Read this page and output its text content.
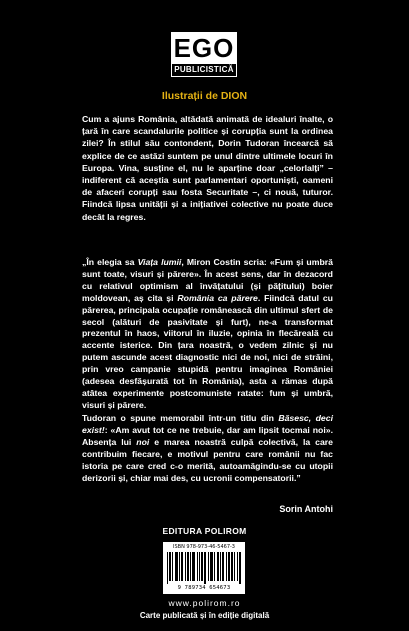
EGO
PUBLICISTICĂ
Ilustrații de DION

Cum a ajuns România, altădată animată de idealuri înalte, o țară în care scandalurile politice și corupția sunt la ordinea zilei? În stilul său contondent, Dorin Tudoran încearcă să explice de ce astăzi suntem pe unul dintre ultimele locuri în Europa. Vina, susține el, nu le aparține doar „celorlalți” – indiferent că aceștia sunt parlamentari oportuniști, oameni de afaceri corupți sau fosta Securitate –, ci nouă, tuturor. Fiindcă lipsa unității și a inițiativei colective nu poate duce decât la regres.

„În elegia sa Viața lumii, Miron Costin scria: «Fum și umbră sunt toate, visuri și părere». În acest sens, dar în dezacord cu relativul optimism al învățatului (și pățitului) boier moldovean, aș cita și România ca părere. Fiindcă datul cu părerea, principala ocupație românească din ultimul sfert de secol (alături de pasivitate și furt), ne-a transformat prezentul în haos, viitorul în iluzie, opinia în flecăreală cu accente isterice. Din țara noastră, o vedem zilnic și nu putem ascunde acest diagnostic nici de noi, nici de străini, prin vreo campanie stupidă pentru imaginea României (adesea desfășurată tot în România), asta a rămas după atâtea experimente postcomuniste ratate: fum și umbră, visuri și părere.

Tudoran o spune memorabil într-un titlu din Băsesc, deci exist!: «Am avut tot ce ne trebuie, dar am lipsit tocmai noi». Absența lui noi e marea noastră culpă colectivă, la care contribuim fiecare, e motivul pentru care românii nu fac istoria pe care cred c-o merită, autoamăgindu-se cu utopii derizorii și, chiar mai des, cu ucronii compensatorii.”

Sorin Antohi
EDITURA POLIROM
ISBN 978-973-46-5467-3
9 789734 654673
www.polirom.ro
Carte publicată și în ediție digitală
